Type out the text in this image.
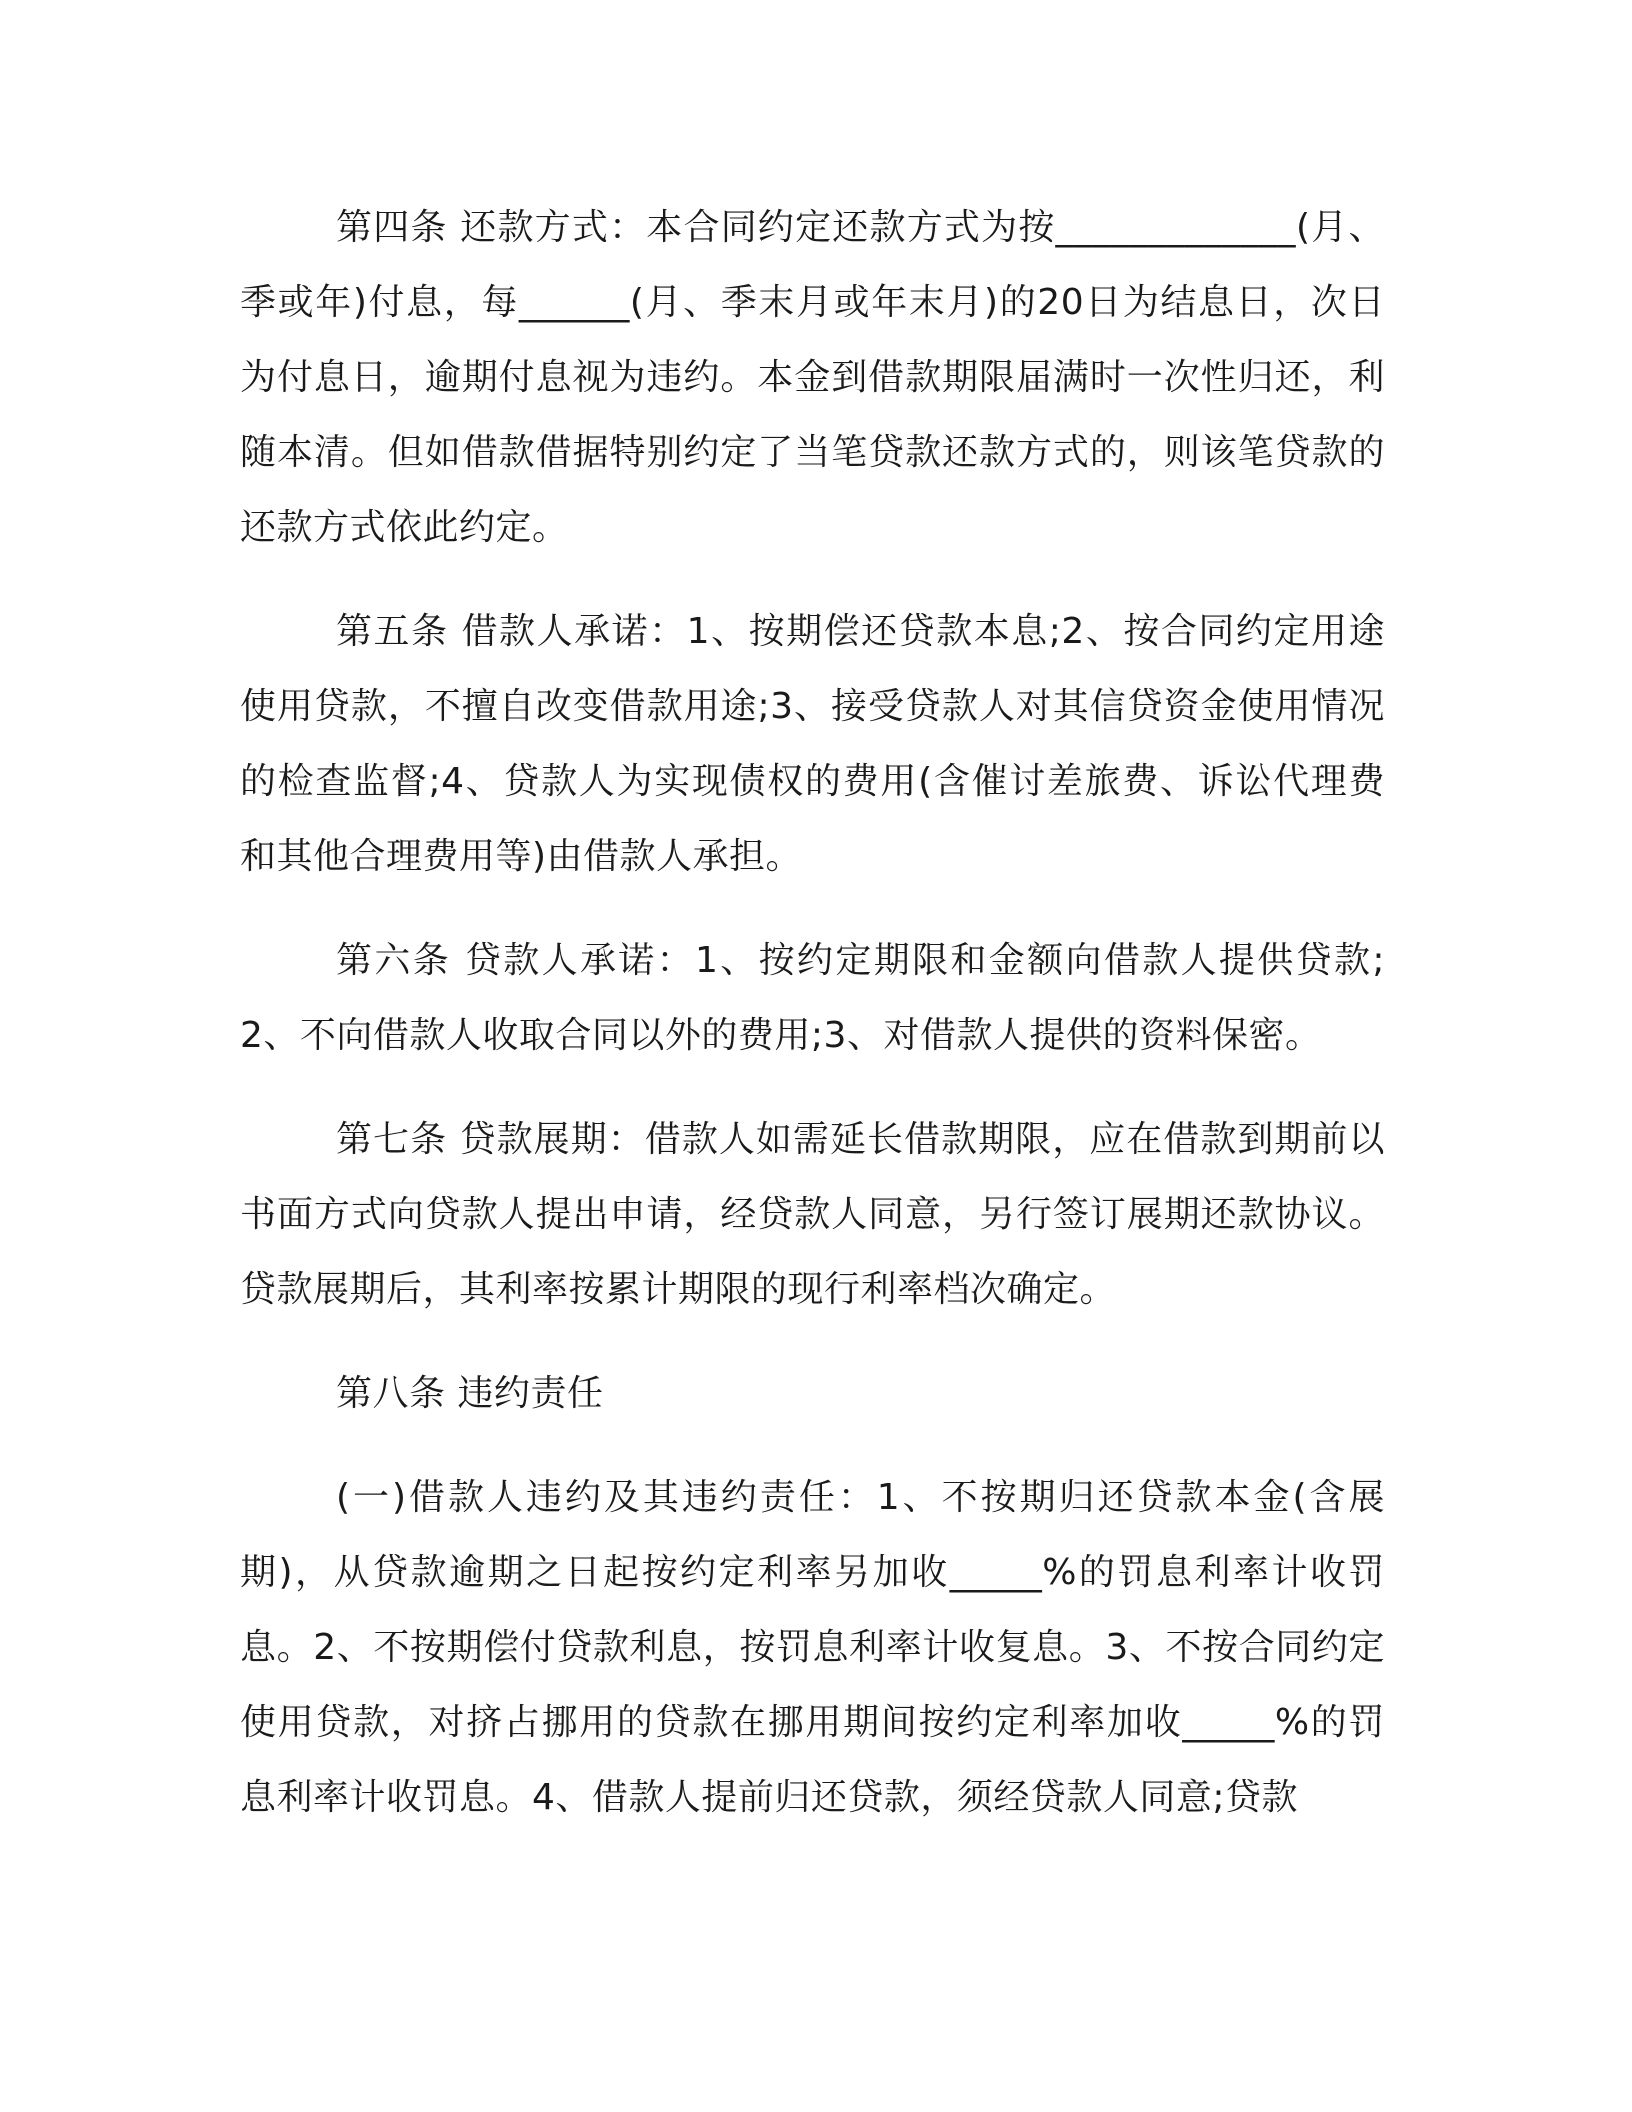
第四条 还款方式：本合同约定还款方式为按_____________(月、季或年)付息，每______(月、季末月或年末月)的20日为结息日，次日为付息日，逾期付息视为违约。本金到借款期限届满时一次性归还，利随本清。但如借款借据特别约定了当笔贷款还款方式的，则该笔贷款的还款方式依此约定。

第五条 借款人承诺：1、按期偿还贷款本息;2、按合同约定用途使用贷款，不擅自改变借款用途;3、接受贷款人对其信贷资金使用情况的检查监督;4、贷款人为实现债权的费用(含催讨差旅费、诉讼代理费和其他合理费用等)由借款人承担。

第六条 贷款人承诺：1、按约定期限和金额向借款人提供贷款;2、不向借款人收取合同以外的费用;3、对借款人提供的资料保密。

第七条 贷款展期：借款人如需延长借款期限，应在借款到期前以书面方式向贷款人提出申请，经贷款人同意，另行签订展期还款协议。贷款展期后，其利率按累计期限的现行利率档次确定。

第八条 违约责任

(一)借款人违约及其违约责任：1、不按期归还贷款本金(含展期)，从贷款逾期之日起按约定利率另加收_____%的罚息利率计收罚息。2、不按期偿付贷款利息，按罚息利率计收复息。3、不按合同约定使用贷款，对挤占挪用的贷款在挪用期间按约定利率加收_____%的罚息利率计收罚息。4、借款人提前归还贷款，须经贷款人同意;贷款
